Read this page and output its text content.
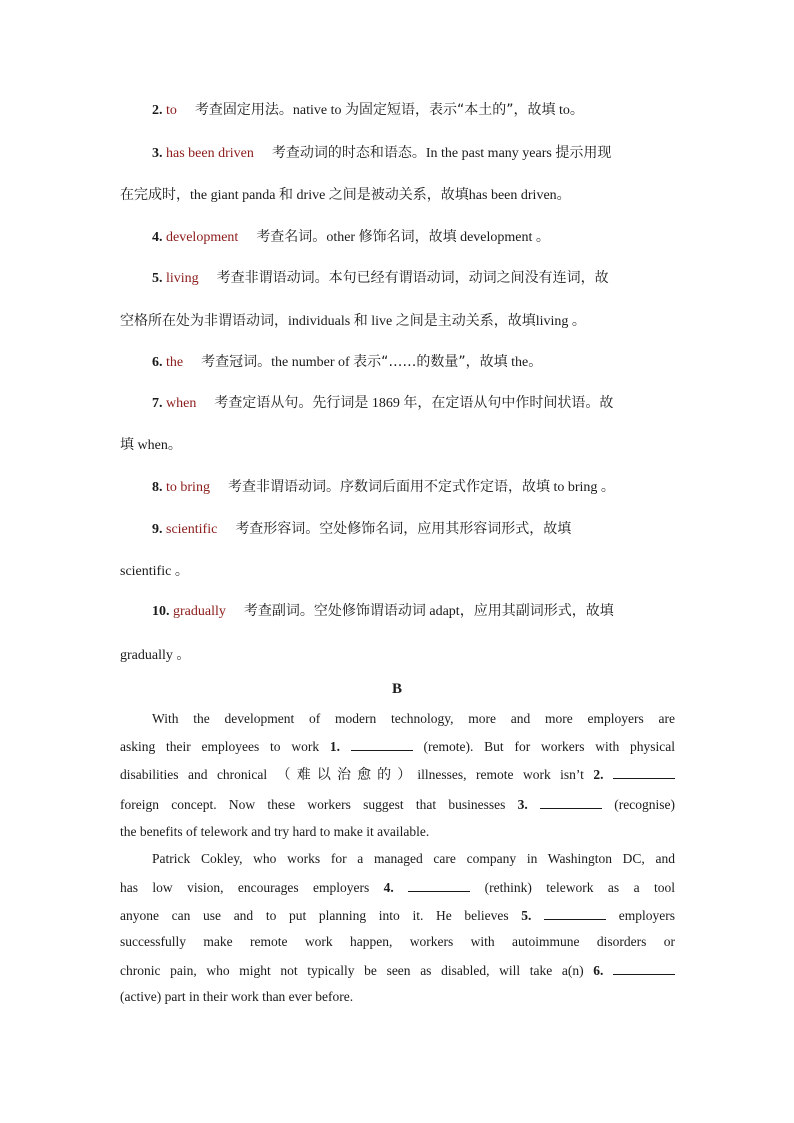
2. to 考查固定用法。native to 为固定短语，表示“本土的”，故填 to。
3. has been driven 考查动词的时态和语态。In the past many years 提示用现
在完成时，the giant panda 和 drive 之间是被动关系，故填has been driven。
4. development 考查名词。other 修饰名词，故填 development 。
5. living 考查非谓语动词。本句已经有谓语动词，动词之间没有连词，故
空格所在处为非谓语动词，individuals 和 live 之间是主动关系，故填living 。
6. the 考查冠词。the number of 表示“……的数量”，故填 the。
7. when 考查定语从句。先行词是 1869 年，在定语从句中作时间状语。故
填 when。
8. to bring 考查非谓语动词。序数词后面用不定式作定语，故填 to bring 。
9. scientific 考查形容词。空处修饰名词，应用其形容词形式，故填
scientific 。
10. gradually 考查副词。空处修饰谓语动词 adapt，应用其副词形式，故填
gradually 。
B
With the development of modern technology, more and more employers are
asking their employees to work 1.	(remote). But for workers with physical
disabilities and chronical （难以治愈的）illnesses, remote work isn’t 2.
foreign concept. Now these workers suggest that businesses 3.	(recognise)
the benefits of telework and try hard to make it available.
Patrick Cokley, who works for a managed care company in Washington DC, and
has low vision, encourages employers 4.	(rethink) telework as a tool
anyone can use and to put planning into it. He believes 5.	employers
successfully make remote work happen, workers with autoimmune disorders or
chronic pain, who might not typically be seen as disabled, will take a(n) 6.
(active) part in their work than ever before.
